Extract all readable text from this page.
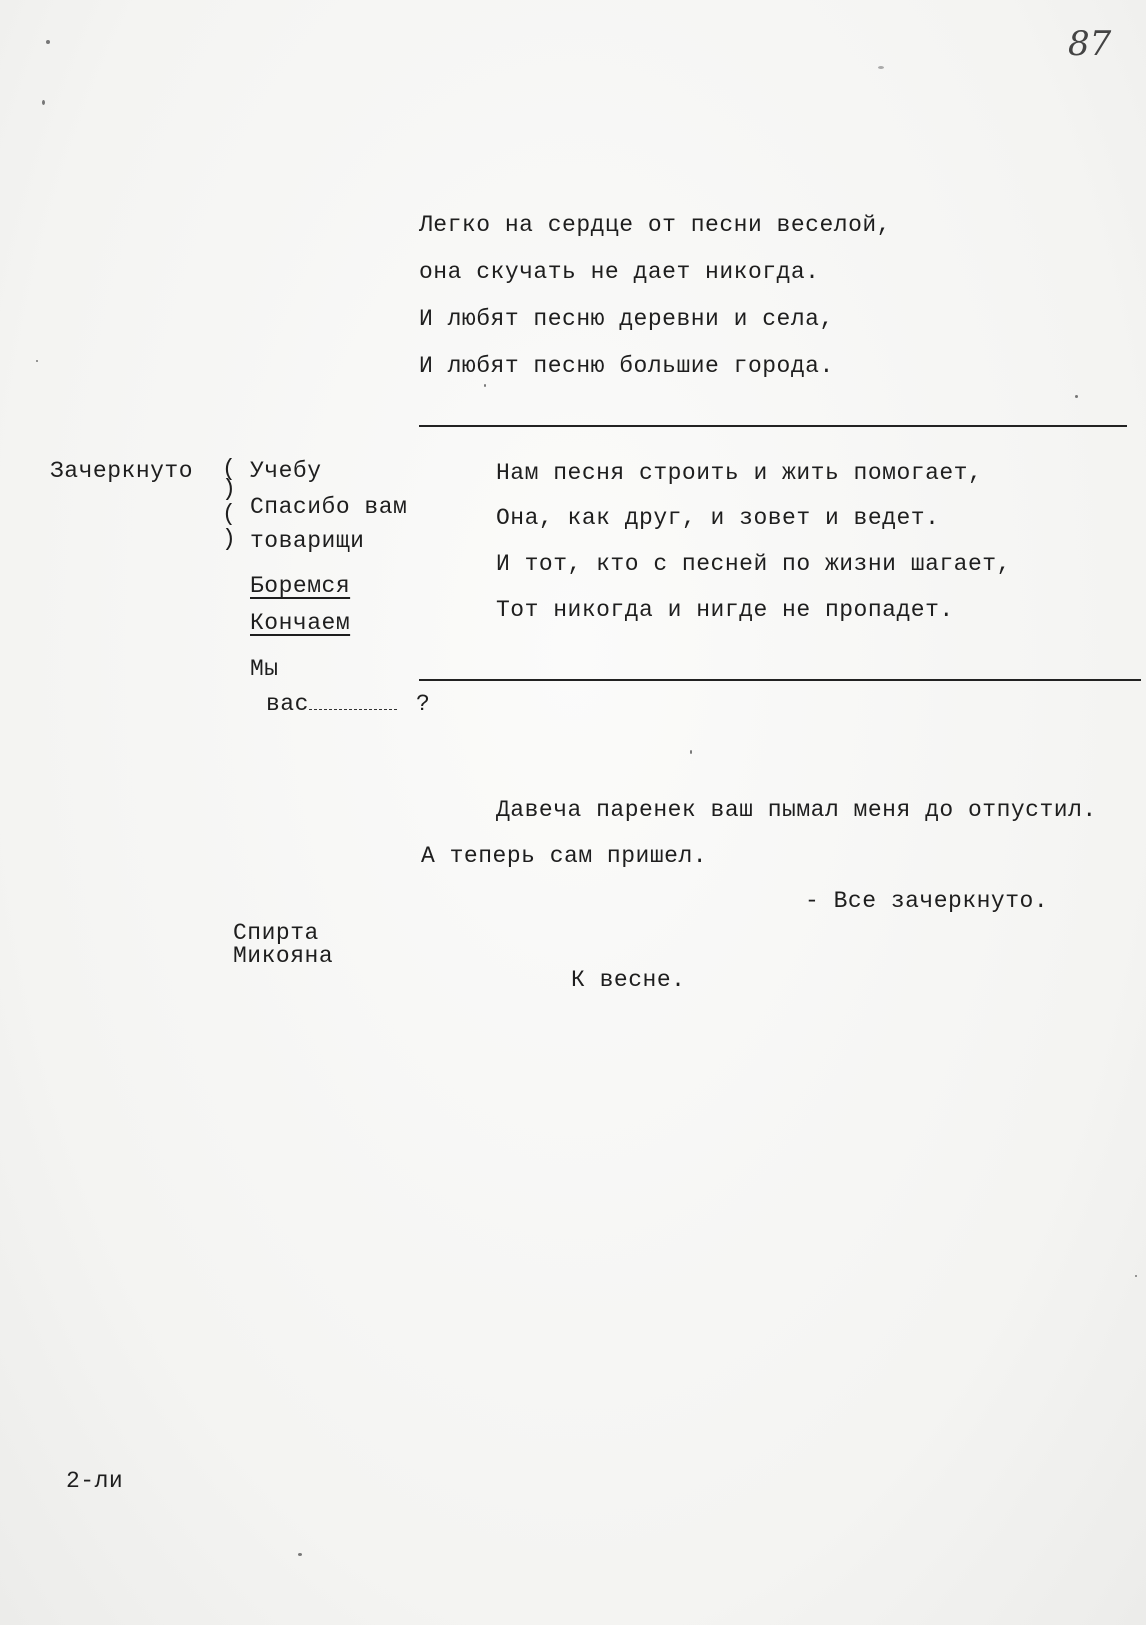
87
Легко на сердце от песни веселой,
она скучать не дает никогда.
И любят песню деревни и села,
И любят песню большие города.
Зачеркнуто (
)
(
)
Учебу
Спасибо вам
товарищи
Боремся
Кончаем
Мы
вас	?
Нам песня строить и жить помогает,
Она, как друг, и зовет и ведет.
И тот, кто с песней по жизни шагает,
Тот никогда и нигде не пропадет.
Давеча паренек ваш пымал меня до отпустил.
А теперь сам пришел.
- Все зачеркнуто.
Спирта
Микояна
К весне.
2-ли
